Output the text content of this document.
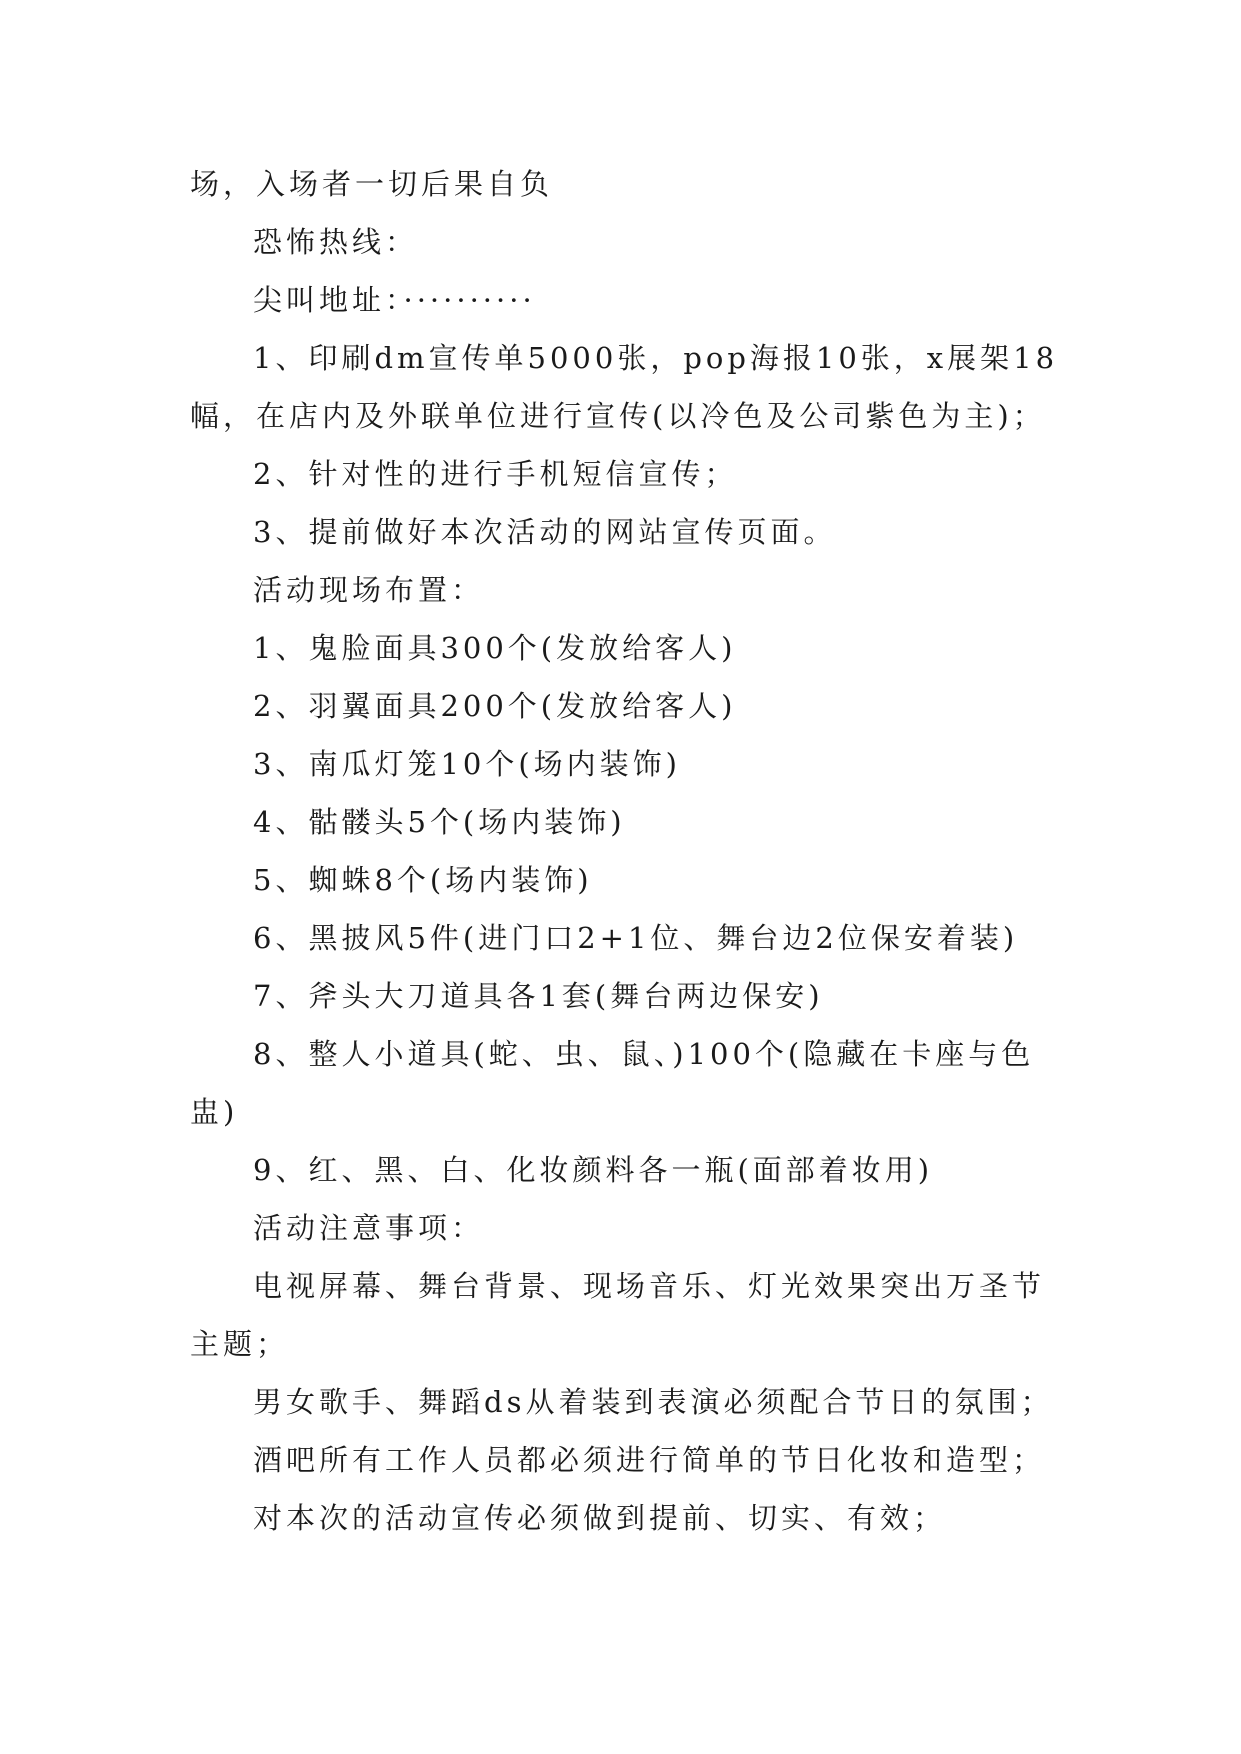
场，入场者一切后果自负
恐怖热线：
尖叫地址：··········
1、印刷dm宣传单5000张，pop海报10张，x展架18
幅，在店内及外联单位进行宣传(以冷色及公司紫色为主)；
2、针对性的进行手机短信宣传；
3、提前做好本次活动的网站宣传页面。
活动现场布置：
1、鬼脸面具300个(发放给客人)
2、羽翼面具200个(发放给客人)
3、南瓜灯笼10个(场内装饰)
4、骷髅头5个(场内装饰)
5、蜘蛛8个(场内装饰)
6、黑披风5件(进门口2+1位、舞台边2位保安着装)
7、斧头大刀道具各1套(舞台两边保安)
8、整人小道具(蛇、虫、鼠、)100个(隐藏在卡座与色
盅)
9、红、黑、白、化妆颜料各一瓶(面部着妆用)
活动注意事项：
电视屏幕、舞台背景、现场音乐、灯光效果突出万圣节
主题；
男女歌手、舞蹈ds从着装到表演必须配合节日的氛围；
酒吧所有工作人员都必须进行简单的节日化妆和造型；
对本次的活动宣传必须做到提前、切实、有效；
